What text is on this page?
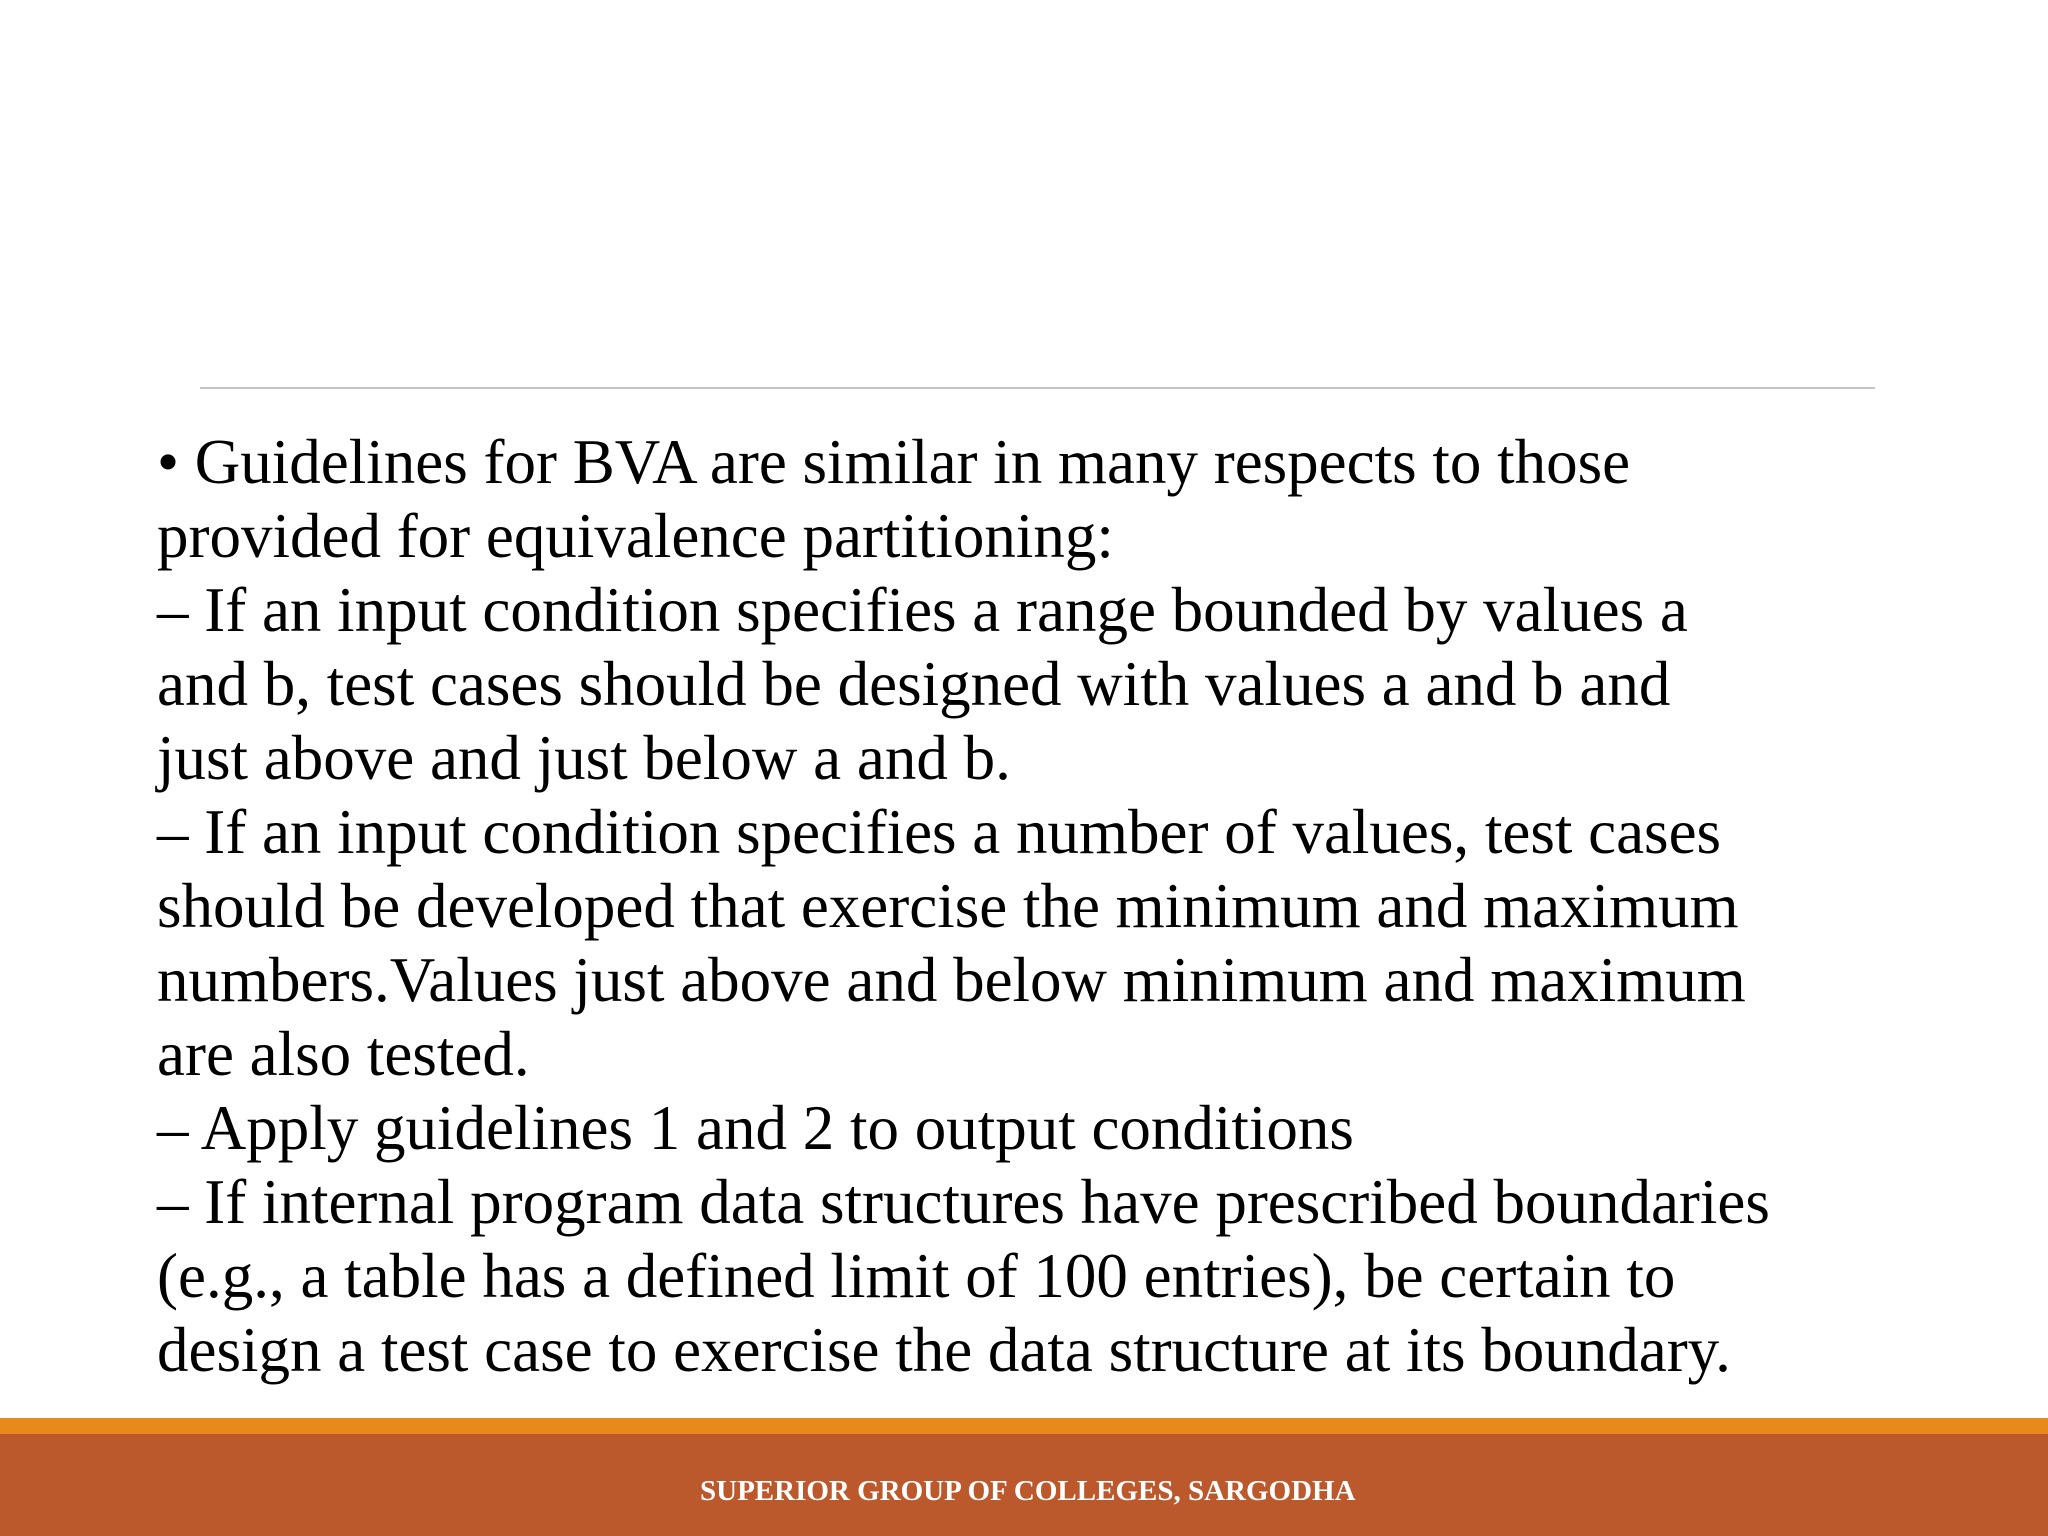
• Guidelines for BVA are similar in many respects to those
provided for equivalence partitioning:
– If an input condition specifies a range bounded by values a
and b, test cases should be designed with values a and b and
just above and just below a and b.
– If an input condition specifies a number of values, test cases
should be developed that exercise the minimum and maximum
numbers.Values just above and below minimum and maximum
are also tested.
– Apply guidelines 1 and 2 to output conditions
– If internal program data structures have prescribed boundaries
(e.g., a table has a defined limit of 100 entries), be certain to
design a test case to exercise the data structure at its boundary.
SUPERIOR GROUP OF COLLEGES, SARGODHA
